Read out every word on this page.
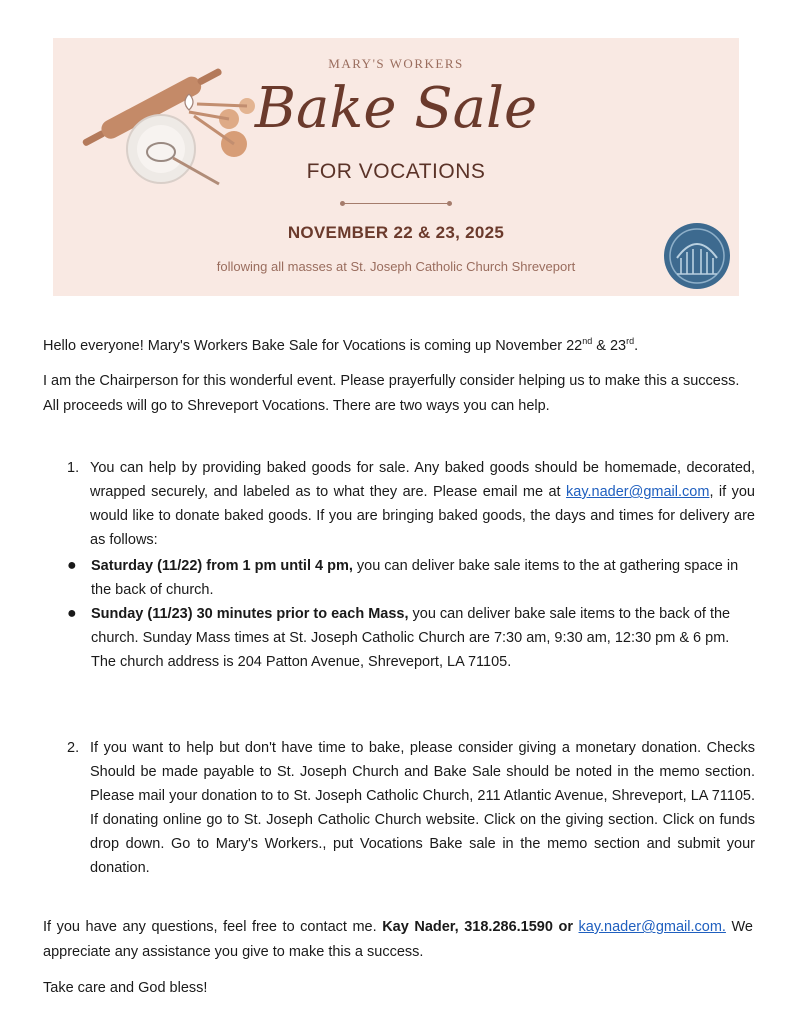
MARY'S WORKERS
Bake Sale
FOR VOCATIONS
NOVEMBER 22 & 23, 2025
following all masses at St. Joseph Catholic Church Shreveport
Hello everyone! Mary's Workers Bake Sale for Vocations is coming up November 22nd & 23rd.
I am the Chairperson for this wonderful event. Please prayerfully consider helping us to make this a success. All proceeds will go to Shreveport Vocations. There are two ways you can help.
1. You can help by providing baked goods for sale. Any baked goods should be homemade, decorated, wrapped securely, and labeled as to what they are. Please email me at kay.nader@gmail.com, if you would like to donate baked goods. If you are bringing baked goods, the days and times for delivery are as follows:
● Saturday (11/22) from 1 pm until 4 pm, you can deliver bake sale items to the at gathering space in the back of church.
● Sunday (11/23) 30 minutes prior to each Mass, you can deliver bake sale items to the back of the church. Sunday Mass times at St. Joseph Catholic Church are 7:30 am, 9:30 am, 12:30 pm & 6 pm. The church address is 204 Patton Avenue, Shreveport, LA 71105.
2. If you want to help but don't have time to bake, please consider giving a monetary donation. Checks Should be made payable to St. Joseph Church and Bake Sale should be noted in the memo section. Please mail your donation to to St. Joseph Catholic Church, 211 Atlantic Avenue, Shreveport, LA 71105. If donating online go to St. Joseph Catholic Church website. Click on the giving section. Click on funds drop down. Go to Mary's Workers., put Vocations Bake sale in the memo section and submit your donation.
If you have any questions, feel free to contact me. Kay Nader, 318.286.1590 or kay.nader@gmail.com. We appreciate any assistance you give to make this a success.
Take care and God bless!
